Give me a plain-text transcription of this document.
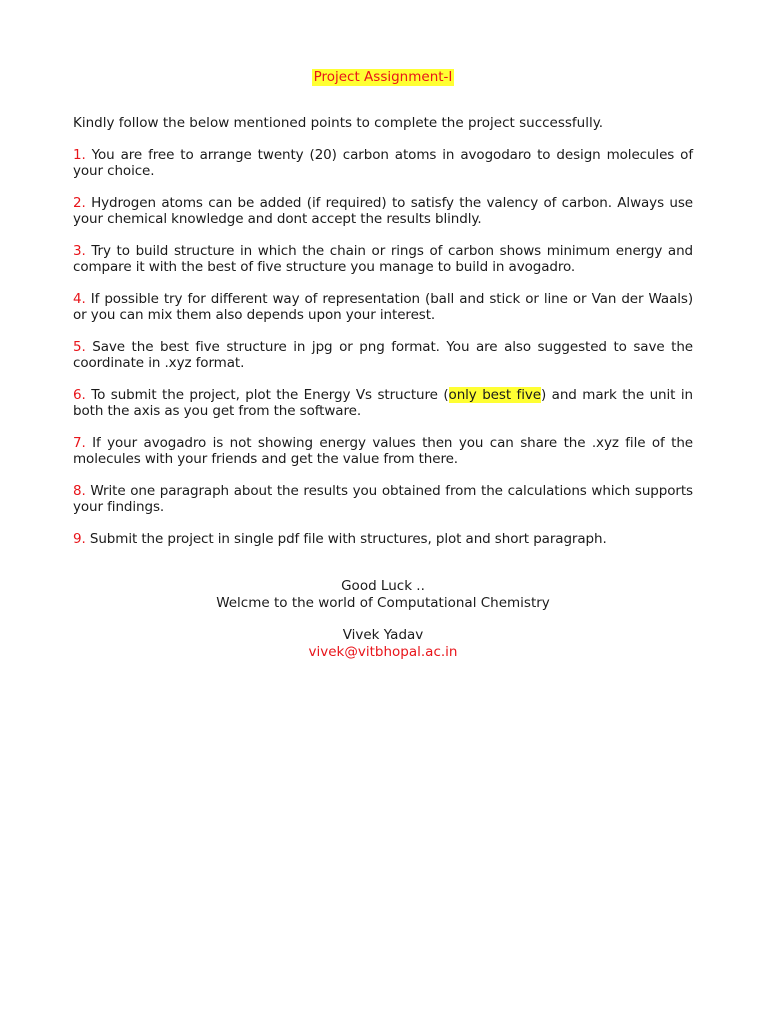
Project Assignment-I

Kindly follow the below mentioned points to complete the project successfully.

1. You are free to arrange twenty (20) carbon atoms in avogodaro to design molecules of your choice.

2. Hydrogen atoms can be added (if required) to satisfy the valency of carbon. Always use your chemical knowledge and dont accept the results blindly.

3. Try to build structure in which the chain or rings of carbon shows minimum energy and compare it with the best of five structure you manage to build in avogadro.

4. If possible try for different way of representation (ball and stick or line or Van der Waals) or you can mix them also depends upon your interest.

5. Save the best five structure in jpg or png format. You are also suggested to save the coordinate in .xyz format.

6. To submit the project, plot the Energy Vs structure (only best five) and mark the unit in both the axis as you get from the software.

7. If your avogadro is not showing energy values then you can share the .xyz file of the molecules with your friends and get the value from there.

8. Write one paragraph about the results you obtained from the calculations which supports your findings.

9. Submit the project in single pdf file with structures, plot and short paragraph.

Good Luck ..
Welcme to the world of Computational Chemistry
Vivek Yadav
vivek@vitbhopal.ac.in
